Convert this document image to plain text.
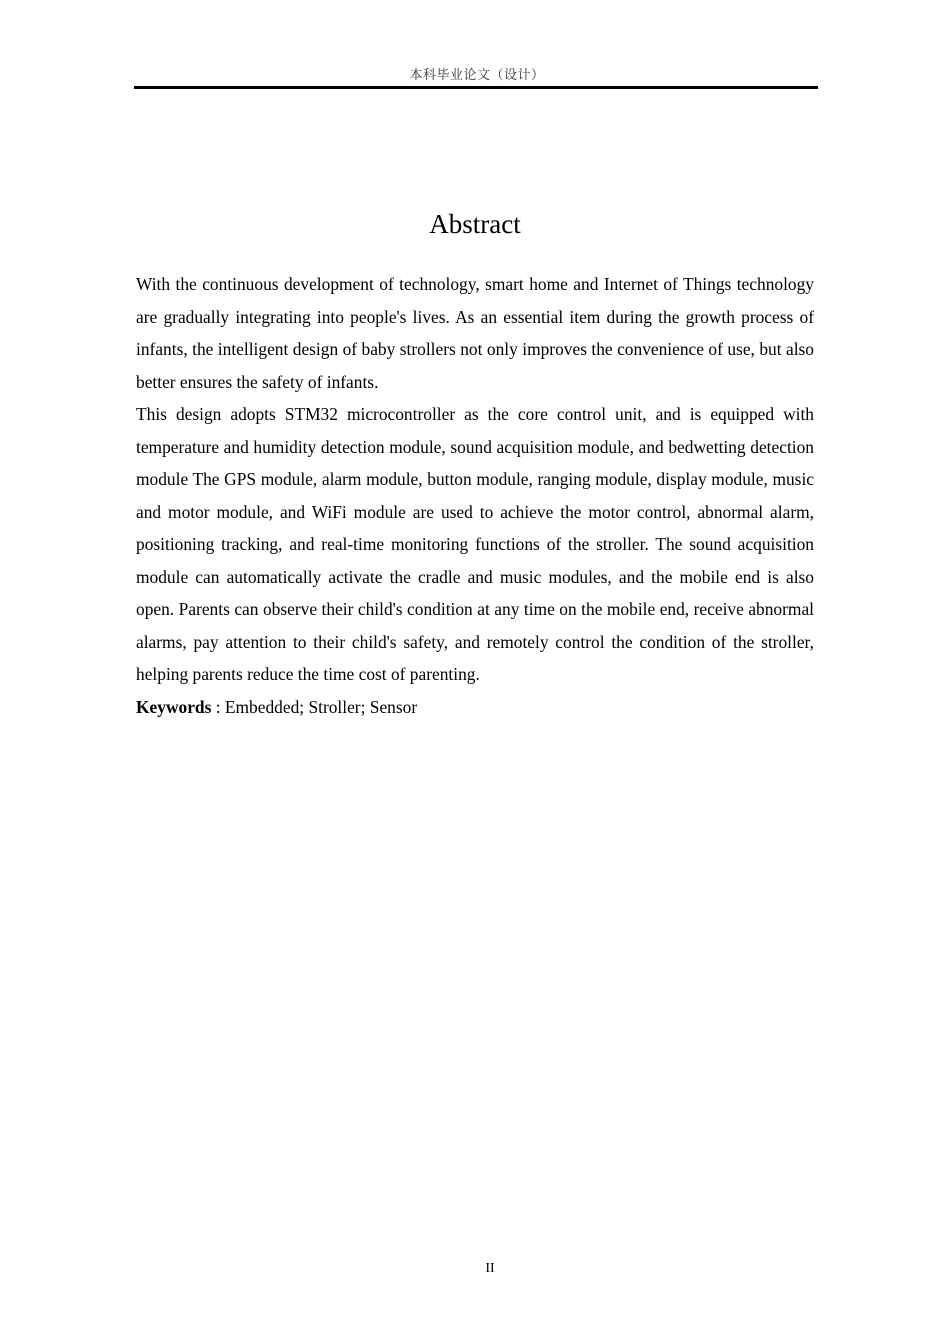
本科毕业论文（设计）
Abstract

With the continuous development of technology, smart home and Internet of Things technology are gradually integrating into people's lives. As an essential item during the growth process of infants, the intelligent design of baby strollers not only improves the convenience of use, but also better ensures the safety of infants.

This design adopts STM32 microcontroller as the core control unit, and is equipped with temperature and humidity detection module, sound acquisition module, and bedwetting detection module The GPS module, alarm module, button module, ranging module, display module, music and motor module, and WiFi module are used to achieve the motor control, abnormal alarm, positioning tracking, and real-time monitoring functions of the stroller. The sound acquisition module can automatically activate the cradle and music modules, and the mobile end is also open. Parents can observe their child's condition at any time on the mobile end, receive abnormal alarms, pay attention to their child's safety, and remotely control the condition of the stroller, helping parents reduce the time cost of parenting.

Keywords : Embedded; Stroller; Sensor

II
